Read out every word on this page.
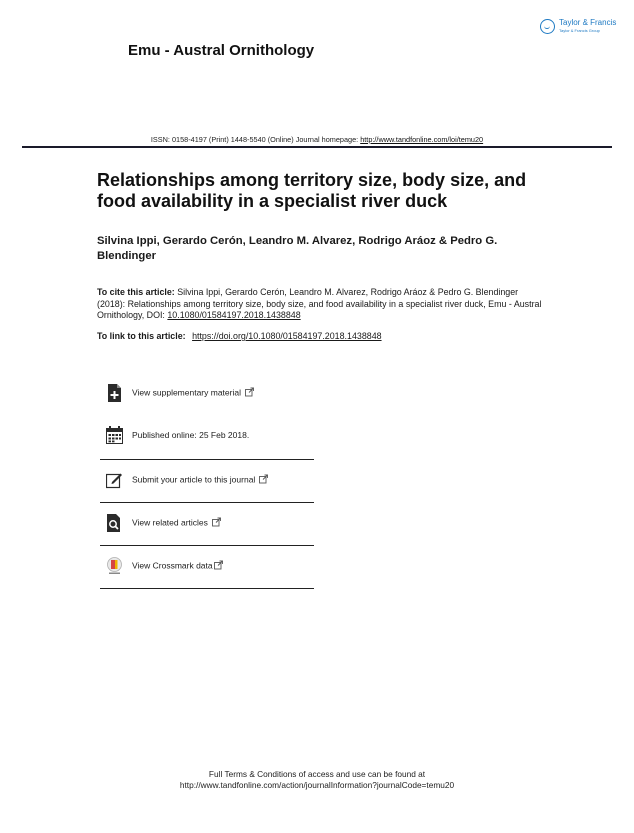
Taylor & Francis
Taylor & Francis Group
Emu - Austral Ornithology
ISSN: 0158-4197 (Print) 1448-5540 (Online) Journal homepage: http://www.tandfonline.com/loi/temu20
Relationships among territory size, body size, and food availability in a specialist river duck
Silvina Ippi, Gerardo Cerón, Leandro M. Alvarez, Rodrigo Aráoz & Pedro G. Blendinger
To cite this article: Silvina Ippi, Gerardo Cerón, Leandro M. Alvarez, Rodrigo Aráoz & Pedro G. Blendinger (2018): Relationships among territory size, body size, and food availability in a specialist river duck, Emu - Austral Ornithology, DOI: 10.1080/01584197.2018.1438848
To link to this article: https://doi.org/10.1080/01584197.2018.1438848
View supplementary material
Published online: 25 Feb 2018.
Submit your article to this journal
View related articles
View Crossmark data
Full Terms & Conditions of access and use can be found at
http://www.tandfonline.com/action/journalInformation?journalCode=temu20
